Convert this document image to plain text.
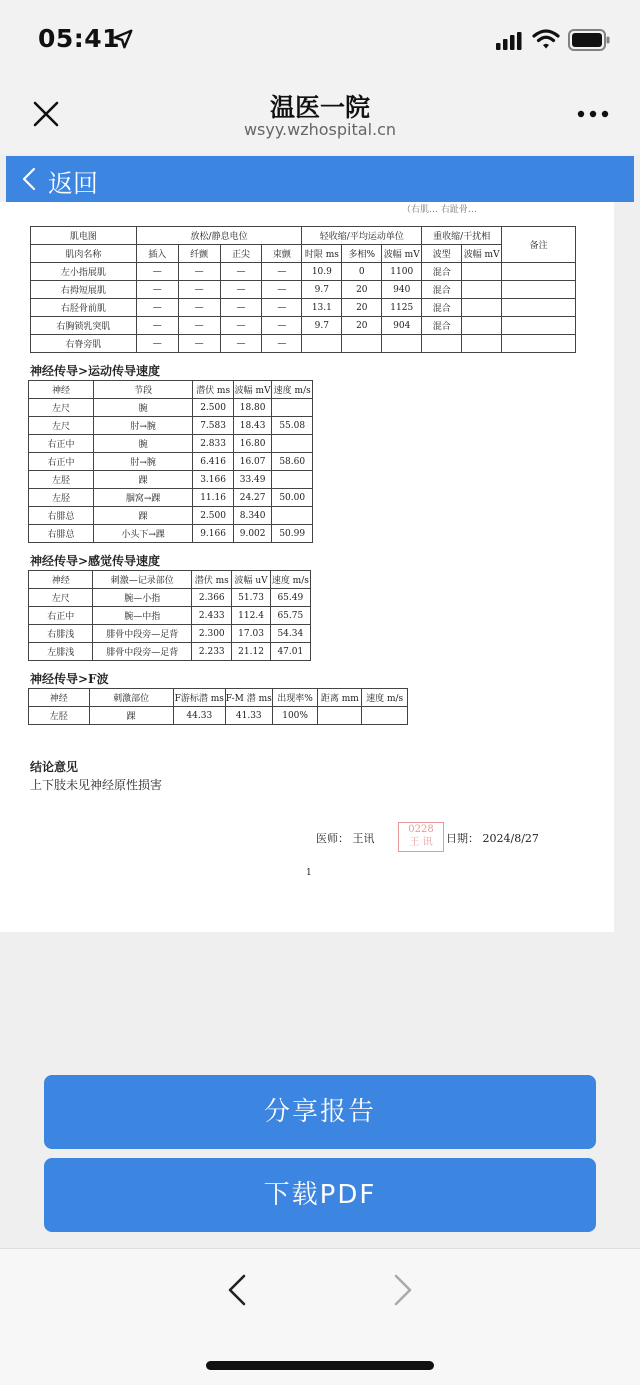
05:41
温医一院
wsyy.wzhospital.cn
返回
（右肌… 右趾骨…
肌电图	放松/静息电位				轻收缩/平均运动单位			重收缩/干扰相		备注
肌肉名称	插入	纤颤	正尖	束颤	时限 ms	多相%	波幅 mV	波型	波幅 mV	
左小指展肌	—	—	—	—	10.9	0	1100	混合		
右拇短展肌	—	—	—	—	9.7	20	940	混合		
右胫骨前肌	—	—	—	—	13.1	20	1125	混合		
右胸锁乳突肌	—	—	—	—	9.7	20	904	混合		
右脊旁肌	—	—	—	—						
神经传导>运动传导速度
神经	节段	潜伏 ms	波幅 mV	速度 m/s
左尺	腕	2.500	18.80	
左尺	肘→腕	7.583	18.43	55.08
右正中	腕	2.833	16.80	
右正中	肘→腕	6.416	16.07	58.60
左胫	踝	3.166	33.49	
左胫	腘窝→踝	11.16	24.27	50.00
右腓总	踝	2.500	8.340	
右腓总	小头下→踝	9.166	9.002	50.99
神经传导>感觉传导速度
神经	刺激—记录部位	潜伏 ms	波幅 uV	速度 m/s
左尺	腕—小指	2.366	51.73	65.49
右正中	腕—中指	2.433	112.4	65.75
右腓浅	腓骨中段旁—足背	2.300	17.03	54.34
左腓浅	腓骨中段旁—足背	2.233	21.12	47.01
神经传导>F波
神经	刺激部位	F游标潜 ms	F-M 潜 ms	出现率%	距离 mm	速度 m/s
左胫	踝	44.33	41.33	100%		
结论意见
上下肢未见神经原性损害
医师： 王讯
0228
王 讯	日期： 2024/8/27
1
分享报告
下载PDF
